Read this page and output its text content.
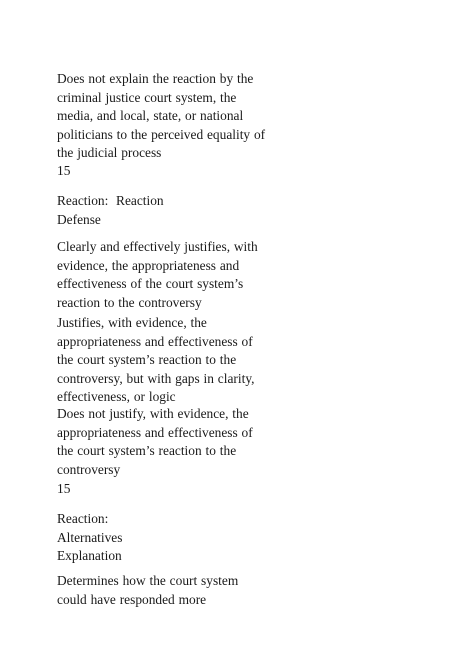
Does not explain the reaction by the
criminal justice court system, the
media, and local, state, or national
politicians to the perceived equality of
the judicial process

15

Reaction:  Reaction
Defense

Clearly and effectively justifies, with
evidence, the appropriateness and
effectiveness of the court system’s
reaction to the controversy

Justifies, with evidence, the
appropriateness and effectiveness of
the court system’s reaction to the
controversy, but with gaps in clarity,
effectiveness, or logic

Does not justify, with evidence, the
appropriateness and effectiveness of
the court system’s reaction to the
controversy

15

Reaction:
Alternatives
Explanation

Determines how the court system
could have responded more
